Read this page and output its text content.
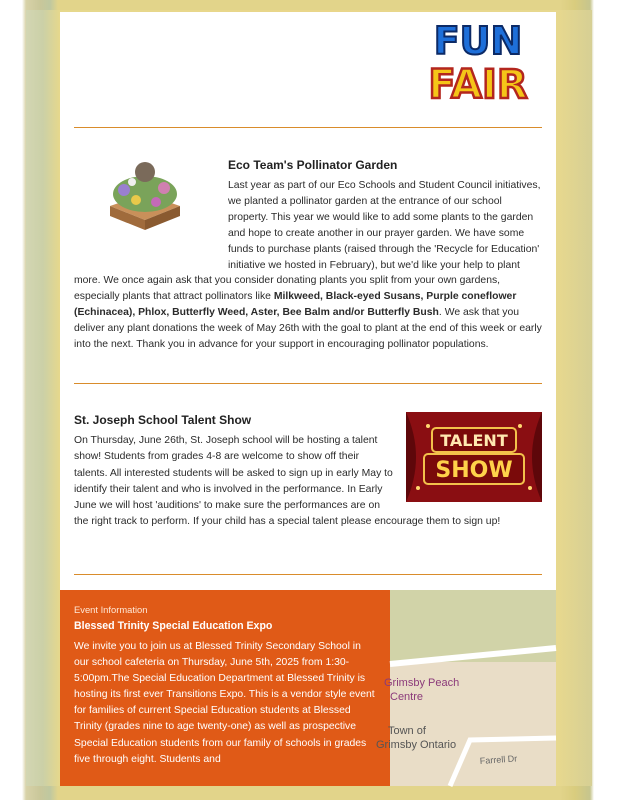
FUN
FAIR
Eco Team's Pollinator Garden
Last year as part of our Eco Schools and Student Council initiatives, we planted a pollinator garden at the entrance of our school property. This year we would like to add some plants to the garden and hope to create another in our prayer garden. We have some funds to purchase plants (raised through the 'Recycle for Education' initiative we hosted in February), but we'd like your help to plant more. We once again ask that you consider donating plants you split from your own gardens, especially plants that attract pollinators like Milkweed, Black-eyed Susans, Purple coneflower (Echinacea), Phlox, Butterfly Weed, Aster, Bee Balm and/or Butterfly Bush. We ask that you deliver any plant donations the week of May 26th with the goal to plant at the end of this week or early into the next. Thank you in advance for your support in encouraging pollinator populations.
St. Joseph School Talent Show
On Thursday, June 26th, St. Joseph school will be hosting a talent show! Students from grades 4-8 are welcome to show off their talents. All interested students will be asked to sign up in early May to identify their talent and who is involved in the performance. In Early June we will host 'auditions' to make sure the performances are on the right track to perform. If your child has a special talent please encourage them to sign up!
TALENT
SHOW
Event Information
Blessed Trinity Special Education Expo
We invite you to join us at Blessed Trinity Secondary School in our school cafeteria on Thursday, June 5th, 2025 from 1:30-5:00pm.The Special Education Department at Blessed Trinity is hosting its first ever Transitions Expo. This is a vendor style event for families of current Special Education students at Blessed Trinity (grades nine to age twenty-one) as well as prospective Special Education students from our family of schools in grades five through eight. Students and
Grimsby Peach
Centre
Town of
Grimsby Ontario
Farrell Dr
